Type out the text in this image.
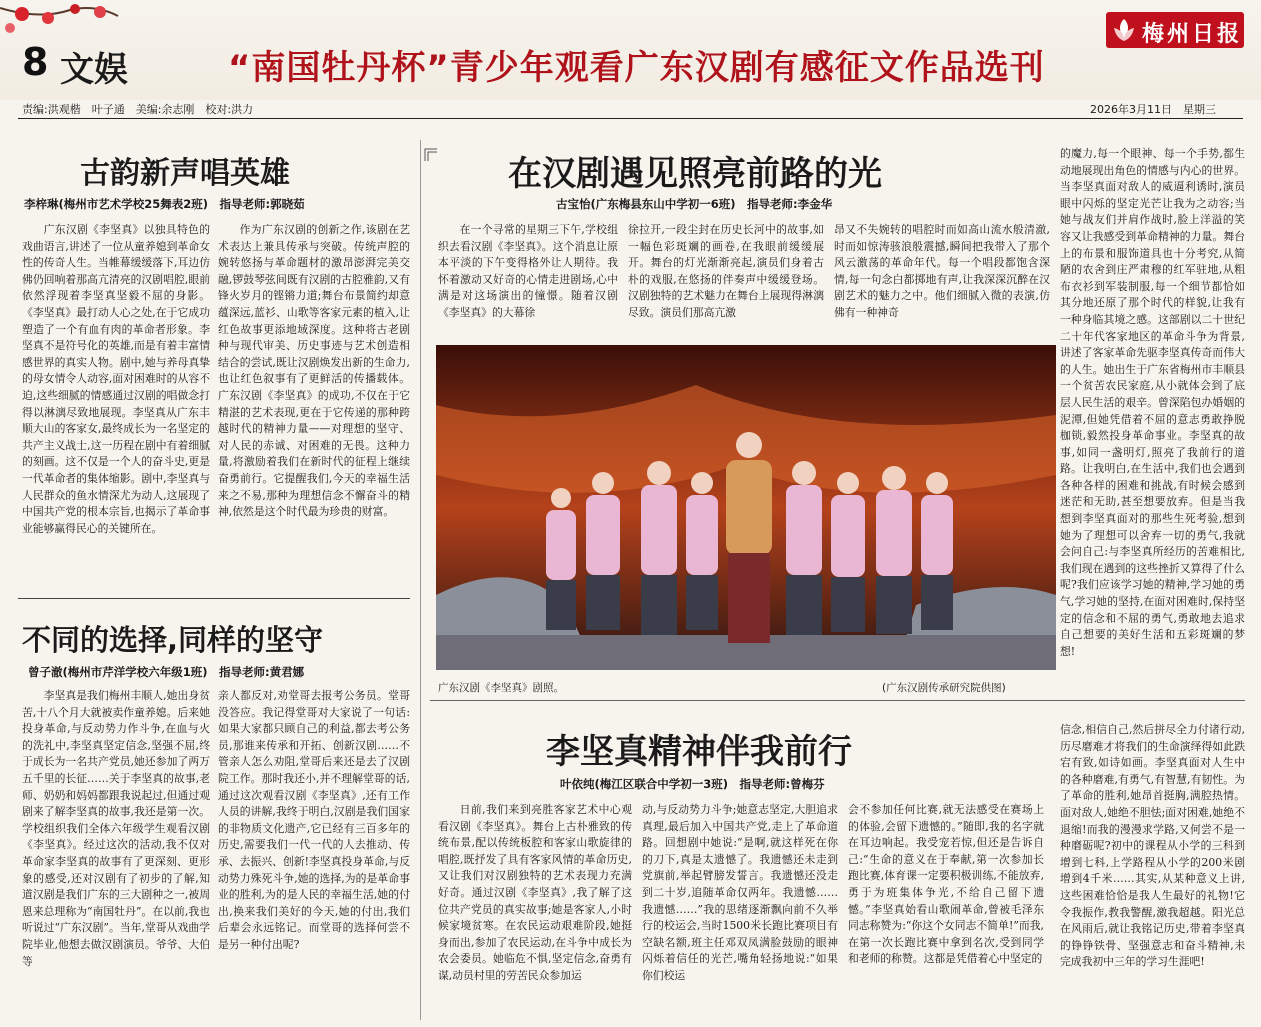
8 文娱	“南国牡丹杯”青少年观看广东汉剧有感征文作品选刊
梅州日报
责编:洪观楷　叶子通　美编:余志刚　校对:洪力	2026年3月11日　星期三
古韵新声唱英雄
李梓琳(梅州市艺术学校25舞表2班)　指导老师:郭晓茹
广东汉剧《李坚真》以独具特色的戏曲语言,讲述了一位从童养媳到革命女性的传奇人生。当帷幕缓缓落下,耳边仿佛仍回响着那高亢清亮的汉剧唱腔,眼前依然浮现着李坚真坚毅不屈的身影。《李坚真》最打动人心之处,在于它成功塑造了一个有血有肉的革命者形象。李坚真不是符号化的英雄,而是有着丰富情感世界的真实人物。剧中,她与养母真挚的母女情令人动容,面对困难时的从容不迫,这些细腻的情感通过汉剧的唱做念打得以淋漓尽致地展现。李坚真从广东丰顺大山的客家女,最终成长为一名坚定的共产主义战士,这一历程在剧中有着细腻的刻画。这不仅是一个人的奋斗史,更是一代革命者的集体缩影。剧中,李坚真与人民群众的鱼水情深尤为动人,这展现了中国共产党的根本宗旨,也揭示了革命事业能够赢得民心的关键所在。
作为广东汉剧的创新之作,该剧在艺术表达上兼具传承与突破。传统声腔的婉转悠扬与革命题材的激昂澎湃完美交融,锣鼓琴弦间既有汉剧的古腔雅韵,又有锋火岁月的铿锵力道;舞台布景简约却意蕴深远,蓝衫、山歌等客家元素的植入,让红色故事更添地域深度。这种将古老剧种与现代审美、历史事迹与艺术创造相结合的尝试,既让汉剧焕发出新的生命力,也让红色叙事有了更鲜活的传播载体。广东汉剧《李坚真》的成功,不仅在于它精湛的艺术表现,更在于它传递的那种跨越时代的精神力量——对理想的坚守、对人民的赤诚、对困难的无畏。这种力量,将激励着我们在新时代的征程上继续奋勇前行。它提醒我们,今天的幸福生活来之不易,那种为理想信念不懈奋斗的精神,依然是这个时代最为珍贵的财富。
不同的选择,同样的坚守
曾子澈(梅州市芹洋学校六年级1班)　指导老师:黄君娜
李坚真是我们梅州丰顺人,她出身贫苦,十八个月大就被卖作童养媳。后来她投身革命,与反动势力作斗争,在血与火的洗礼中,李坚真坚定信念,坚强不屈,终于成长为一名共产党员,她还参加了两万五千里的长征……关于李坚真的故事,老师、奶奶和妈妈都跟我说起过,但通过观剧来了解李坚真的故事,我还是第一次。学校组织我们全体六年级学生观看汉剧《李坚真》。经过这次的活动,我不仅对革命家李坚真的故事有了更深刻、更形象的感受,还对汉剧有了初步的了解,知道汉剧是我们广东的三大剧种之一,被周恩来总理称为“南国牡丹”。在以前,我也听说过“广东汉剧”。当年,堂哥从戏曲学院毕业,他想去做汉剧演员。爷爷、大伯等
亲人都反对,劝堂哥去报考公务员。堂哥没答应。我记得堂哥对大家说了一句话:如果大家都只顾自己的利益,都去考公务员,那谁来传承和开拓、创新汉剧……不管亲人怎么劝阻,堂哥后来还是去了汉剧院工作。那时我还小,并不理解堂哥的话,通过这次观看汉剧《李坚真》,还有工作人员的讲解,我终于明白,汉剧是我们国家的非物质文化遗产,它已经有三百多年的历史,需要我们一代一代的人去推动、传承、去振兴、创新!李坚真投身革命,与反动势力殊死斗争,她的选择,为的是革命事业的胜利,为的是人民的幸福生活,她的付出,换来我们美好的今天,她的付出,我们后辈会永远铭记。而堂哥的选择何尝不是另一种付出呢?
在汉剧遇见照亮前路的光
古宝怡(广东梅县东山中学初一6班)　指导老师:李金华
在一个寻常的星期三下午,学校组织去看汉剧《李坚真》。这个消息让原本平淡的下午变得格外让人期待。我怀着激动又好奇的心情走进剧场,心中满是对这场演出的憧憬。随着汉剧《李坚真》的大幕徐
徐拉开,一段尘封在历史长河中的故事,如一幅色彩斑斓的画卷,在我眼前缓缓展开。舞台的灯光渐渐亮起,演员们身着古朴的戏服,在悠扬的伴奏声中缓缓登场。汉剧独特的艺术魅力在舞台上展现得淋漓尽致。演员们那高亢激
昂又不失婉转的唱腔时而如高山流水般清澈,时而如惊涛骇浪般震撼,瞬间把我带入了那个风云激荡的革命年代。每一个唱段都饱含深情,每一句念白都掷地有声,让我深深沉醉在汉剧艺术的魅力之中。他们细腻入微的表演,仿佛有一种神奇
的魔力,每一个眼神、每一个手势,都生动地展现出角色的情感与内心的世界。当李坚真面对敌人的威逼利诱时,演员眼中闪烁的坚定光芒让我为之动容;当她与战友们并肩作战时,脸上洋溢的笑容又让我感受到革命精神的力量。舞台上的布景和服饰道具也十分考究,从简陋的农舍到庄严肃穆的红军驻地,从粗布衣衫到军装制服,每一个细节都恰如其分地还原了那个时代的样貌,让我有一种身临其境之感。这部剧以二十世纪二十年代客家地区的革命斗争为背景,讲述了客家革命先驱李坚真传奇而伟大的人生。她出生于广东省梅州市丰顺县一个贫苦农民家庭,从小就体会到了底层人民生活的艰辛。曾深陷包办婚姻的泥潭,但她凭借着不屈的意志勇敢挣脱枷锁,毅然投身革命事业。李坚真的故事,如同一盏明灯,照亮了我前行的道路。让我明白,在生活中,我们也会遇到各种各样的困难和挑战,有时候会感到迷茫和无助,甚至想要放弃。但是当我想到李坚真面对的那些生死考验,想到她为了理想可以舍弃一切的勇气,我就会问自己:与李坚真所经历的苦难相比,我们现在遇到的这些挫折又算得了什么呢?我们应该学习她的精神,学习她的勇气,学习她的坚持,在面对困难时,保持坚定的信念和不屈的勇气,勇敢地去追求自己想要的美好生活和五彩斑斓的梦想!
广东汉剧《李坚真》剧照。	(广东汉剧传承研究院供图)
李坚真精神伴我前行
叶依纯(梅江区联合中学初一3班)　指导老师:曾梅芬
日前,我们来到亮胜客家艺术中心观看汉剧《李坚真》。舞台上古朴雅致的传统布景,配以传统板腔和客家山歌旋律的唱腔,既抒发了具有客家风情的革命历史,又让我们对汉剧独特的艺术表现力充满好奇。通过汉剧《李坚真》,我了解了这位共产党员的真实故事;她是客家人,小时候家境贫寒。在农民运动艰难阶段,她挺身而出,参加了农民运动,在斗争中成长为农会委员。她临危不惧,坚定信念,奋勇有谋,动员村里的劳苦民众参加运
动,与反动势力斗争;她意志坚定,大胆追求真理,最后加入中国共产党,走上了革命道路。回想剧中她说:“是啊,就这样死在你的刀下,真是太遗憾了。我遗憾还未走到党旗前,举起臂膀发誓言。我遗憾还没走到二十岁,追随革命仅两年。我遗憾……我遗憾……”我的思绪逐渐飘向前不久举行的校运会,当时1500米长跑比赛项目有空缺名额,班主任邓双凤满脸鼓励的眼神闪烁着信任的光芒,嘴角轻扬地说:“如果你们校运
会不参加任何比赛,就无法感受在赛场上的体验,会留下遗憾的。”随即,我的名字就在耳边响起。我受宠若惊,但还是告诉自己:“生命的意义在于奉献,第一次参加长跑比赛,体育课一定要积极训练,不能放弃,勇于为班集体争光,不给自己留下遗憾。”李坚真始看山歌闹革命,曾被毛泽东同志称赞为:“你这个女同志不简单!”而我,在第一次长跑比赛中拿到名次,受到同学和老师的称赞。这都是凭借着心中坚定的
信念,相信自己,然后拼尽全力付诸行动,历尽磨难才将我们的生命演绎得如此跌宕有致,如诗如画。李坚真面对人生中的各种磨难,有勇气,有智慧,有韧性。为了革命的胜利,她昂首挺胸,满腔热情。面对敌人,她绝不胆怯;面对困难,她绝不退缩!而我的漫漫求学路,又何尝不是一种磨砺呢?初中的课程从小学的三科到增到七科,上学路程从小学的200米剧增到4千米……其实,从某种意义上讲,这些困难恰恰是我人生最好的礼物!它令我振作,教我警醒,激我超越。阳光总在风雨后,就让我铭记历史,带着李坚真的铮铮铁骨、坚强意志和奋斗精神,未完成我初中三年的学习生涯吧!
